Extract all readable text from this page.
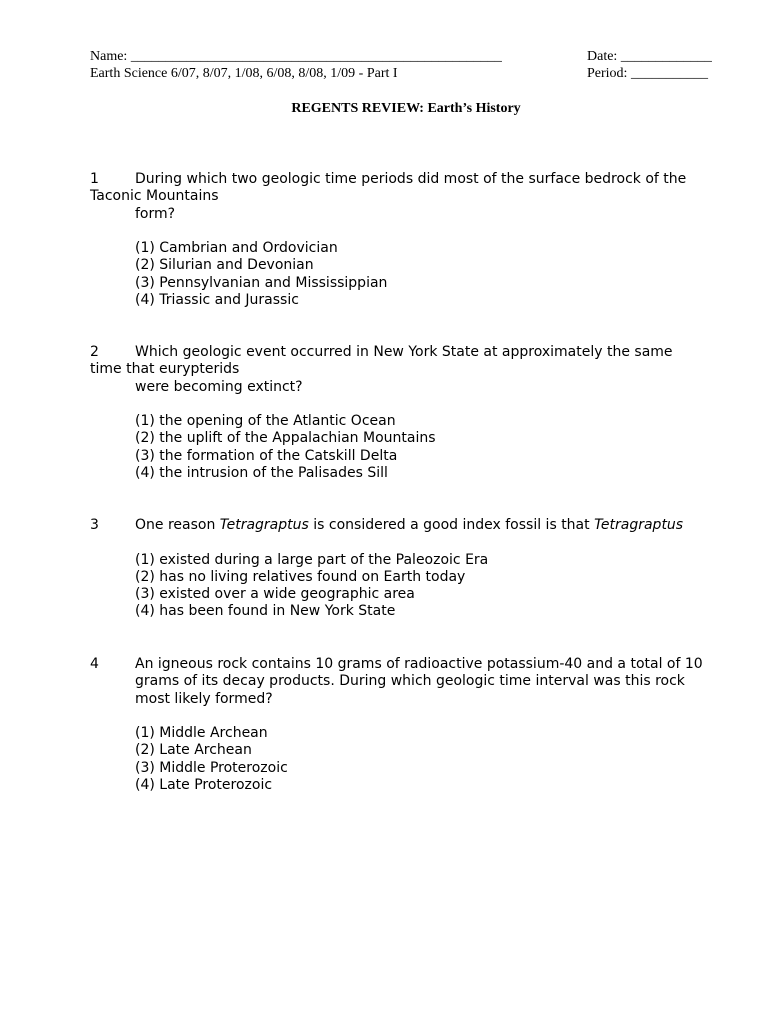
Name: _____________________________________________________	Date: _____________
Earth Science 6/07, 8/07, 1/08, 6/08, 8/08, 1/09 - Part I	Period: ___________
REGENTS REVIEW: Earth’s History
1	During which two geologic time periods did most of the surface bedrock of the
Taconic Mountains
form?
(1) Cambrian and Ordovician
(2) Silurian and Devonian
(3) Pennsylvanian and Mississippian
(4) Triassic and Jurassic
2	Which geologic event occurred in New York State at approximately the same
time that eurypterids
were becoming extinct?
(1) the opening of the Atlantic Ocean
(2) the uplift of the Appalachian Mountains
(3) the formation of the Catskill Delta
(4) the intrusion of the Palisades Sill
3	One reason Tetragraptus is considered a good index fossil is that Tetragraptus
(1) existed during a large part of the Paleozoic Era
(2) has no living relatives found on Earth today
(3) existed over a wide geographic area
(4) has been found in New York State
4	An igneous rock contains 10 grams of radioactive potassium-40 and a total of 10
grams of its decay products. During which geologic time interval was this rock
most likely formed?
(1) Middle Archean
(2) Late Archean
(3) Middle Proterozoic
(4) Late Proterozoic
